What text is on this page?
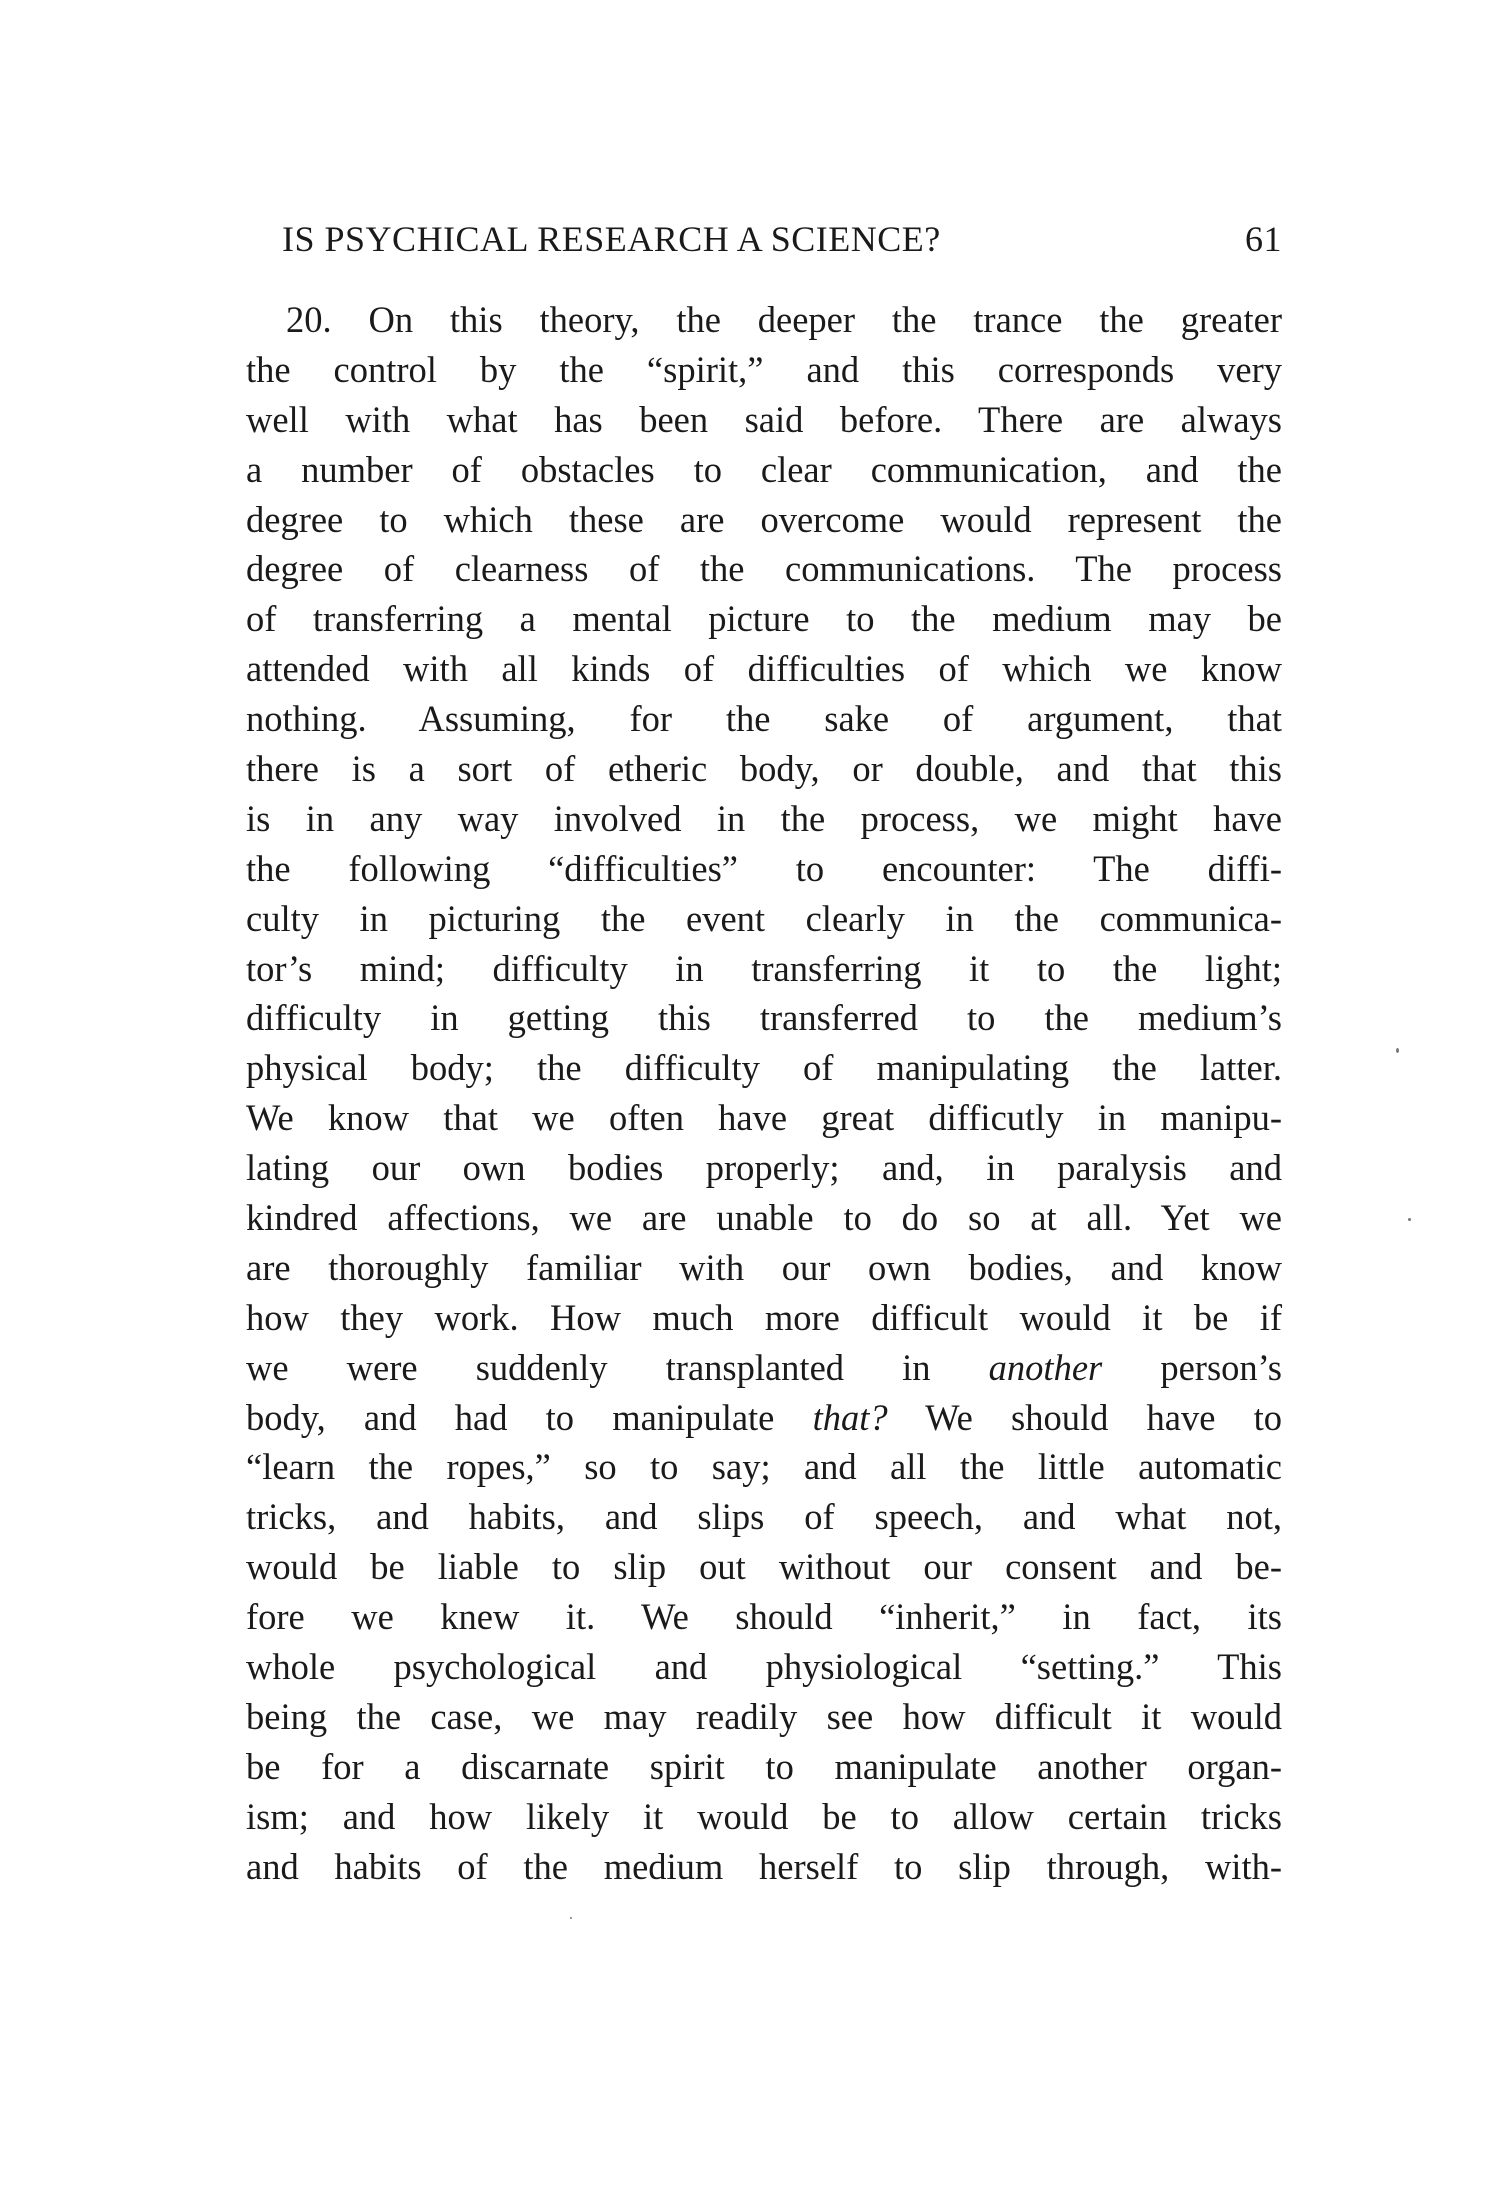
IS PSYCHICAL RESEARCH A SCIENCE?	61
20. On this theory, the deeper the trance the greater
the control by the “spirit,” and this corresponds very
well with what has been said before. There are always
a number of obstacles to clear communication, and the
degree to which these are overcome would represent the
degree of clearness of the communications. The process
of transferring a mental picture to the medium may be
attended with all kinds of difficulties of which we know
nothing. Assuming, for the sake of argument, that
there is a sort of etheric body, or double, and that this
is in any way involved in the process, we might have
the following “difficulties” to encounter: The diffi-
culty in picturing the event clearly in the communica-
tor’s mind; difficulty in transferring it to the light;
difficulty in getting this transferred to the medium’s
physical body; the difficulty of manipulating the latter.
We know that we often have great difficutly in manipu-
lating our own bodies properly; and, in paralysis and
kindred affections, we are unable to do so at all. Yet we
are thoroughly familiar with our own bodies, and know
how they work. How much more difficult would it be if
we were suddenly transplanted in another person’s
body, and had to manipulate that? We should have to
“learn the ropes,” so to say; and all the little automatic
tricks, and habits, and slips of speech, and what not,
would be liable to slip out without our consent and be-
fore we knew it. We should “inherit,” in fact, its
whole psychological and physiological “setting.” This
being the case, we may readily see how difficult it would
be for a discarnate spirit to manipulate another organ-
ism; and how likely it would be to allow certain tricks
and habits of the medium herself to slip through, with-
